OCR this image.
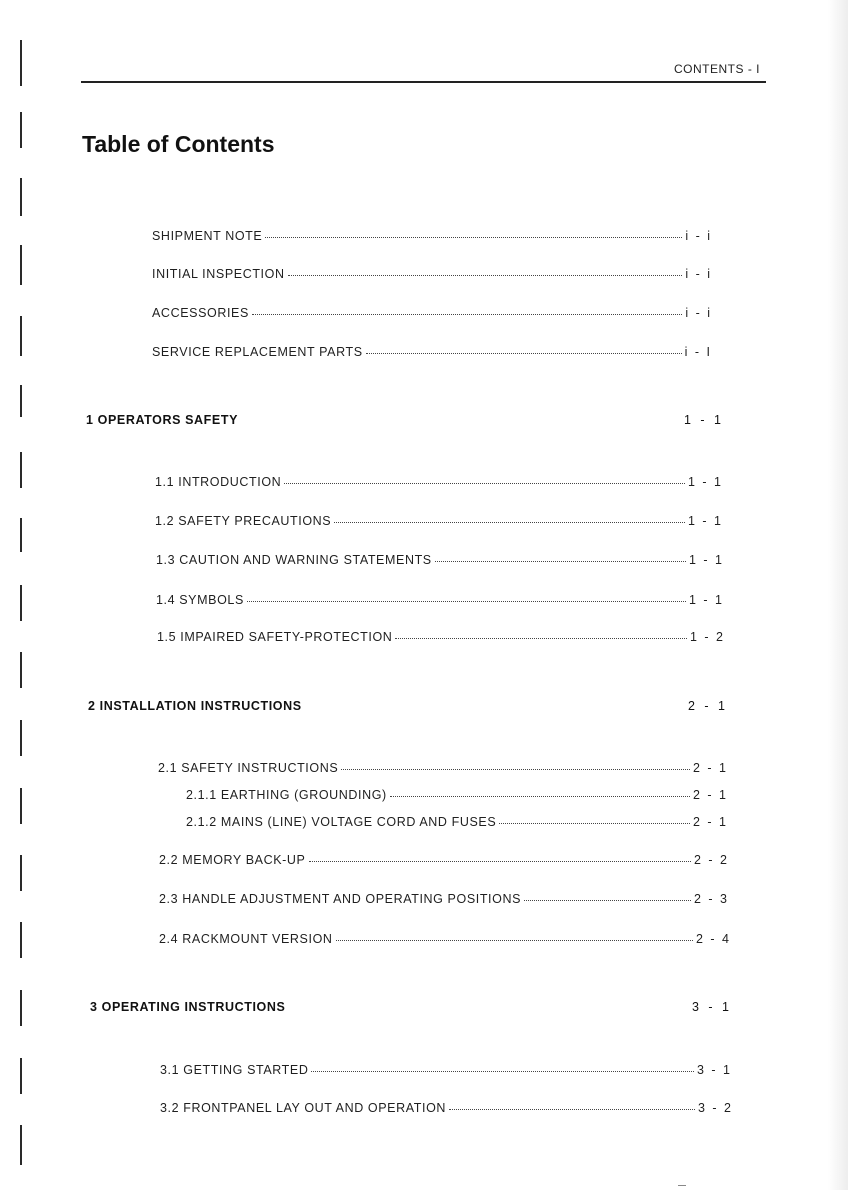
CONTENTS - I
Table of Contents
SHIPMENT NOTE	i - i
INITIAL INSPECTION	i - i
ACCESSORIES	i - i
SERVICE REPLACEMENT PARTS	i - I
1 OPERATORS SAFETY	1 - 1
1.1 INTRODUCTION	1 - 1
1.2 SAFETY PRECAUTIONS	1 - 1
1.3 CAUTION AND WARNING STATEMENTS	1 - 1
1.4 SYMBOLS	1 - 1
1.5 IMPAIRED SAFETY-PROTECTION	1 - 2
2 INSTALLATION INSTRUCTIONS	2 - 1
2.1 SAFETY INSTRUCTIONS	2 - 1
2.1.1 EARTHING (GROUNDING)	2 - 1
2.1.2 MAINS (LINE) VOLTAGE CORD AND FUSES	2 - 1
2.2 MEMORY BACK-UP	2 - 2
2.3 HANDLE ADJUSTMENT AND OPERATING POSITIONS	2 - 3
2.4 RACKMOUNT VERSION	2 - 4
3 OPERATING INSTRUCTIONS	3 - 1
3.1 GETTING STARTED	3 - 1
3.2 FRONTPANEL LAY OUT AND OPERATION	3 - 2
